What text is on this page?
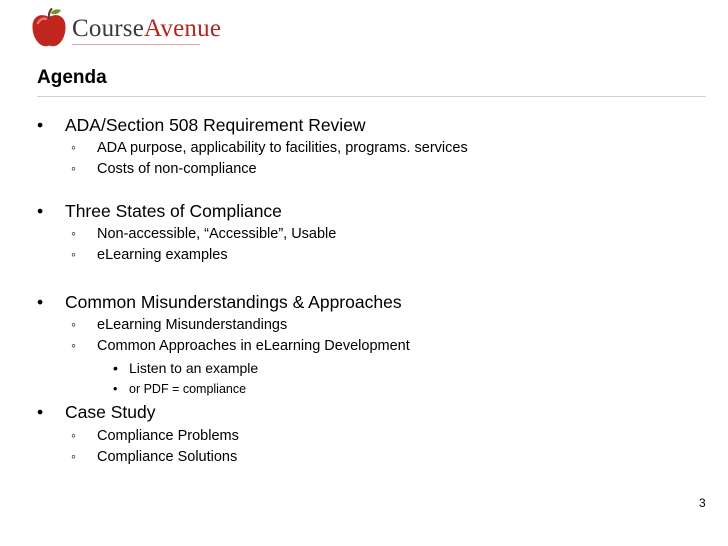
CourseAvenue
Agenda
• ADA/Section 508 Requirement Review
◦ ADA purpose, applicability to facilities, programs. services
◦ Costs of non-compliance
• Three States of Compliance
◦ Non-accessible, “Accessible”, Usable
◦ eLearning examples
• Common Misunderstandings & Approaches
◦ eLearning Misunderstandings
◦ Common Approaches in eLearning Development
• Listen to an example
• or PDF = compliance
• Case Study
◦ Compliance Problems
◦ Compliance Solutions
3
